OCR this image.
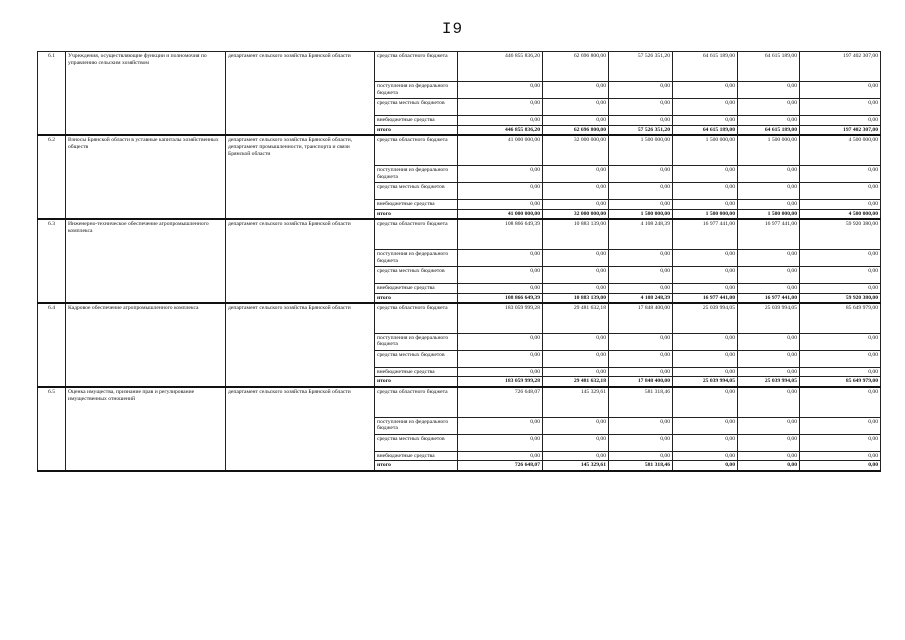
I9
6.1	Учреждения, осуществляющие функции и полномочия по управлению сельским хозяйством	департамент сельского хозяйства Брянской области	средства областного бюджета	446 855 836,20	62 696 800,00	57 526 351,20	64 615 189,00	64 615 189,00	197 402 307,00
			поступления из федерального бюджета	0,00	0,00	0,00	0,00	0,00	0,00
			средства местных бюджетов	0,00	0,00	0,00	0,00	0,00	0,00
			внебюджетные средства	0,00	0,00	0,00	0,00	0,00	0,00
			итого	446 855 836,20	62 696 800,00	57 526 351,20	64 615 189,00	64 615 189,00	197 402 307,00
6.2	Взносы Брянской области в уставные капиталы хозяйственных обществ	департамент сельского хозяйства Брянской области, департамент промышленности, транспорта и связи Брянской области	средства областного бюджета	41 000 000,00	32 000 000,00	1 500 000,00	1 500 000,00	1 500 000,00	4 500 000,00
			поступления из федерального бюджета	0,00	0,00	0,00	0,00	0,00	0,00
			средства местных бюджетов	0,00	0,00	0,00	0,00	0,00	0,00
			внебюджетные средства	0,00	0,00	0,00	0,00	0,00	0,00
			итого	41 000 000,00	32 000 000,00	1 500 000,00	1 500 000,00	1 500 000,00	4 500 000,00
6.3	Инженерно-техническое обеспечение агропромышленного комплекса	департамент сельского хозяйства Брянской области	средства областного бюджета	108 866 649,39	10 883 139,00	4 108 248,39	16 977 441,00	16 977 441,00	59 920 380,00
			поступления из федерального бюджета	0,00	0,00	0,00	0,00	0,00	0,00
			средства местных бюджетов	0,00	0,00	0,00	0,00	0,00	0,00
			внебюджетные средства	0,00	0,00	0,00	0,00	0,00	0,00
			итого	108 866 649,39	10 883 139,00	4 108 248,39	16 977 441,00	16 977 441,00	59 920 380,00
6.4	Кадровое обеспечение агропромышленного комплекса	департамент сельского хозяйства Брянской области	средства областного бюджета	183 059 999,28	29 481 632,18	17 848 400,00	25 039 994,05	25 039 994,05	85 649 979,00
			поступления из федерального бюджета	0,00	0,00	0,00	0,00	0,00	0,00
			средства местных бюджетов	0,00	0,00	0,00	0,00	0,00	0,00
			внебюджетные средства	0,00	0,00	0,00	0,00	0,00	0,00
			итого	183 059 999,28	29 481 632,18	17 848 400,00	25 039 994,05	25 039 994,05	85 649 979,00
6.5	Оценка имущества, признание прав и регулирование имущественных отношений	департамент сельского хозяйства Брянской области	средства областного бюджета	726 648,07	145 329,61	581 318,46	0,00	0,00	0,00
			поступления из федерального бюджета	0,00	0,00	0,00	0,00	0,00	0,00
			средства местных бюджетов	0,00	0,00	0,00	0,00	0,00	0,00
			внебюджетные средства	0,00	0,00	0,00	0,00	0,00	0,00
			итого	726 648,07	145 329,61	581 318,46	0,00	0,00	0,00
